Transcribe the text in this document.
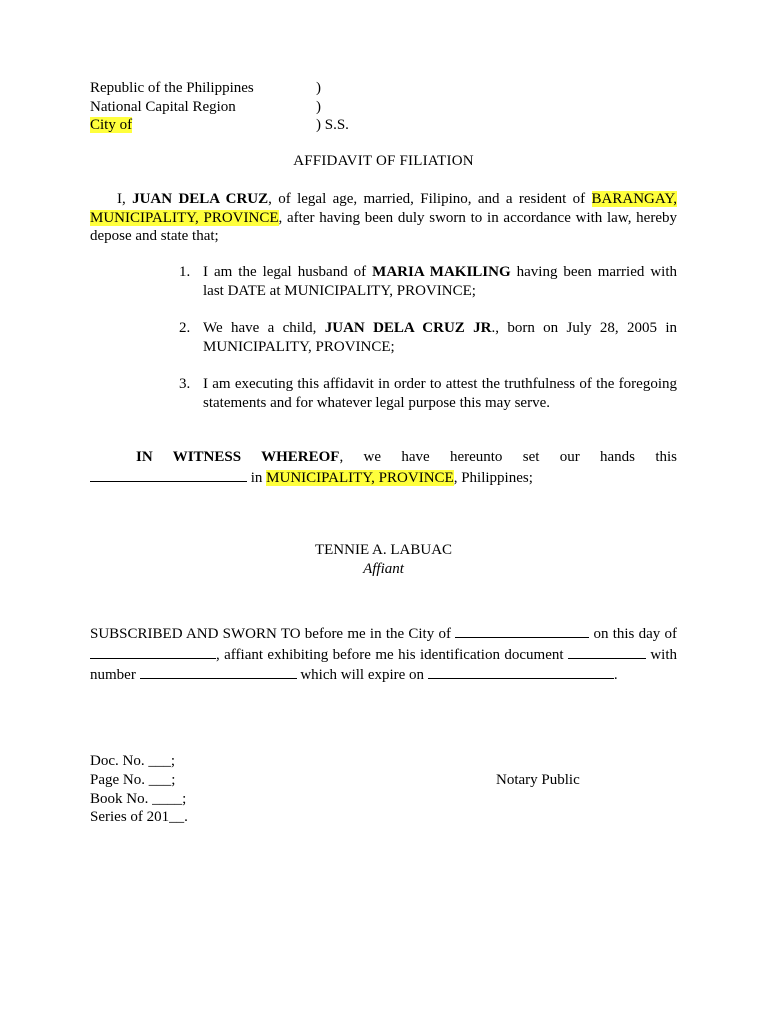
Republic of the Philippines	)
National Capital Region	)
City of	) S.S.
AFFIDAVIT OF FILIATION
I, JUAN DELA CRUZ, of legal age, married, Filipino, and a resident of BARANGAY, MUNICIPALITY, PROVINCE, after having been duly sworn to in accordance with law, hereby depose and state that;
1. I am the legal husband of MARIA MAKILING having been married with last DATE at MUNICIPALITY, PROVINCE;
2. We have a child, JUAN DELA CRUZ JR., born on July 28, 2005 in MUNICIPALITY, PROVINCE;
3. I am executing this affidavit in order to attest the truthfulness of the foregoing statements and for whatever legal purpose this may serve.
IN WITNESS WHEREOF, we have hereunto set our hands this  in MUNICIPALITY, PROVINCE, Philippines;
TENNIE A. LABUAC
Affiant
SUBSCRIBED AND SWORN TO before me in the City of	on this day of , affiant exhibiting before me his identification document	with number	which will expire on	.
Doc. No. ___;
Page No. ___;
Book No. ____;
Series of 201__.
Notary Public
